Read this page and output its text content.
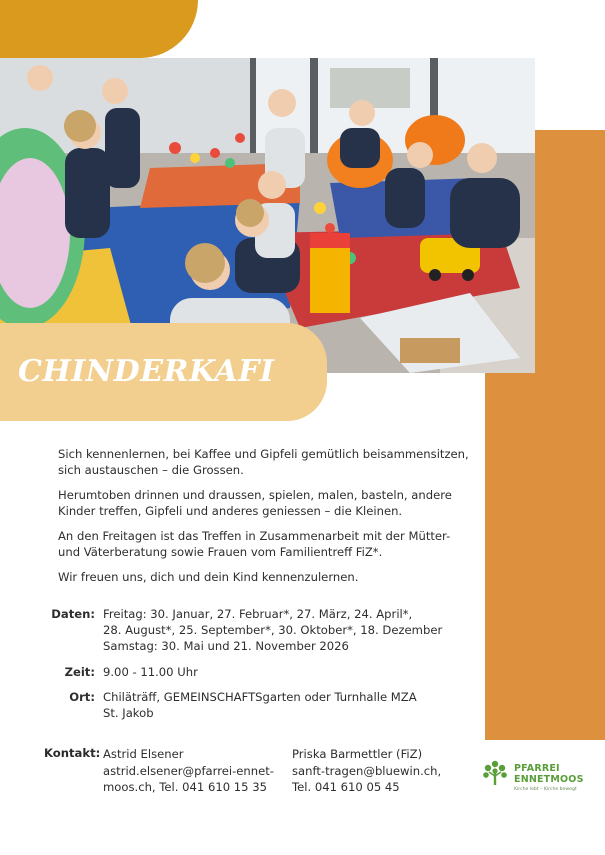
CHINDERKAFI

Sich kennenlernen, bei Kaffee und Gipfeli gemütlich beisammensitzen,
sich austauschen – die Grossen.

Herumtoben drinnen und draussen, spielen, malen, basteln, andere
Kinder treffen, Gipfeli und anderes geniessen – die Kleinen.

An den Freitagen ist das Treffen in Zusammenarbeit mit der Mütter-
und Väterberatung sowie Frauen vom Familientreff FiZ*.

Wir freuen uns, dich und dein Kind kennenzulernen.

Daten: Freitag: 30. Januar, 27. Februar*, 27. März, 24. April*,
28. August*, 25. September*, 30. Oktober*, 18. Dezember
Samstag: 30. Mai und 21. November 2026
Zeit: 9.00 - 11.00 Uhr
Ort: Chiläträff, GEMEINSCHAFTSgarten oder Turnhalle MZA
St. Jakob
Kontakt: Astrid Elsener
astrid.elsener@pfarrei-ennet-
moos.ch, Tel. 041 610 15 35
Priska Barmettler (FiZ)
sanft-tragen@bluewin.ch,
Tel. 041 610 05 45
PFARREI
ENNETMOOS
Kirche lebt – Kirche bewegt
